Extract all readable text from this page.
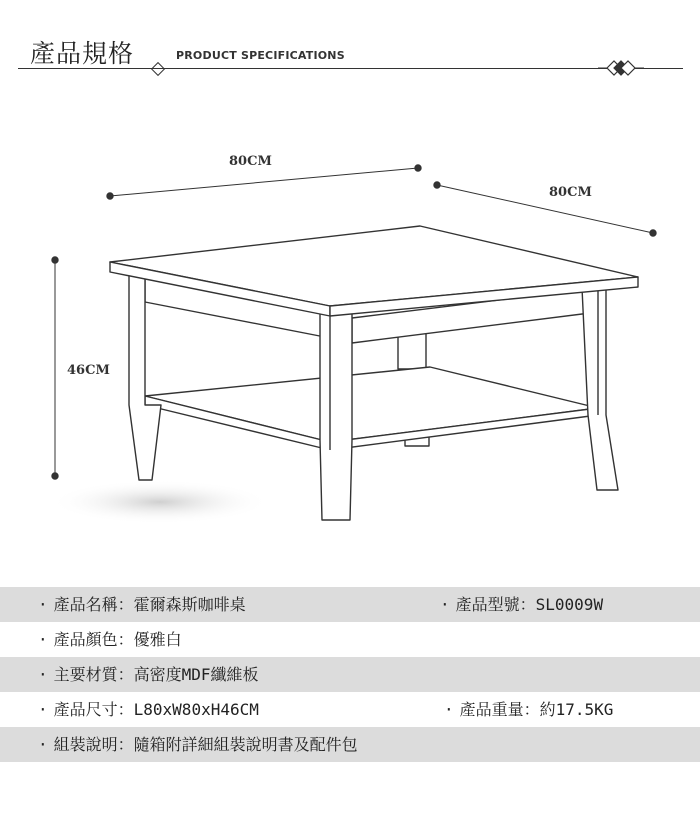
產品規格	PRODUCT SPECIFICATIONS
80CM
80CM
46CM
· 產品名稱：霍爾森斯咖啡桌	· 產品型號：SL0009W
· 產品顏色：優雅白
· 主要材質：高密度MDF纖維板
· 產品尺寸：L80xW80xH46CM	· 產品重量：約17.5KG
· 組裝說明：隨箱附詳細組裝說明書及配件包
